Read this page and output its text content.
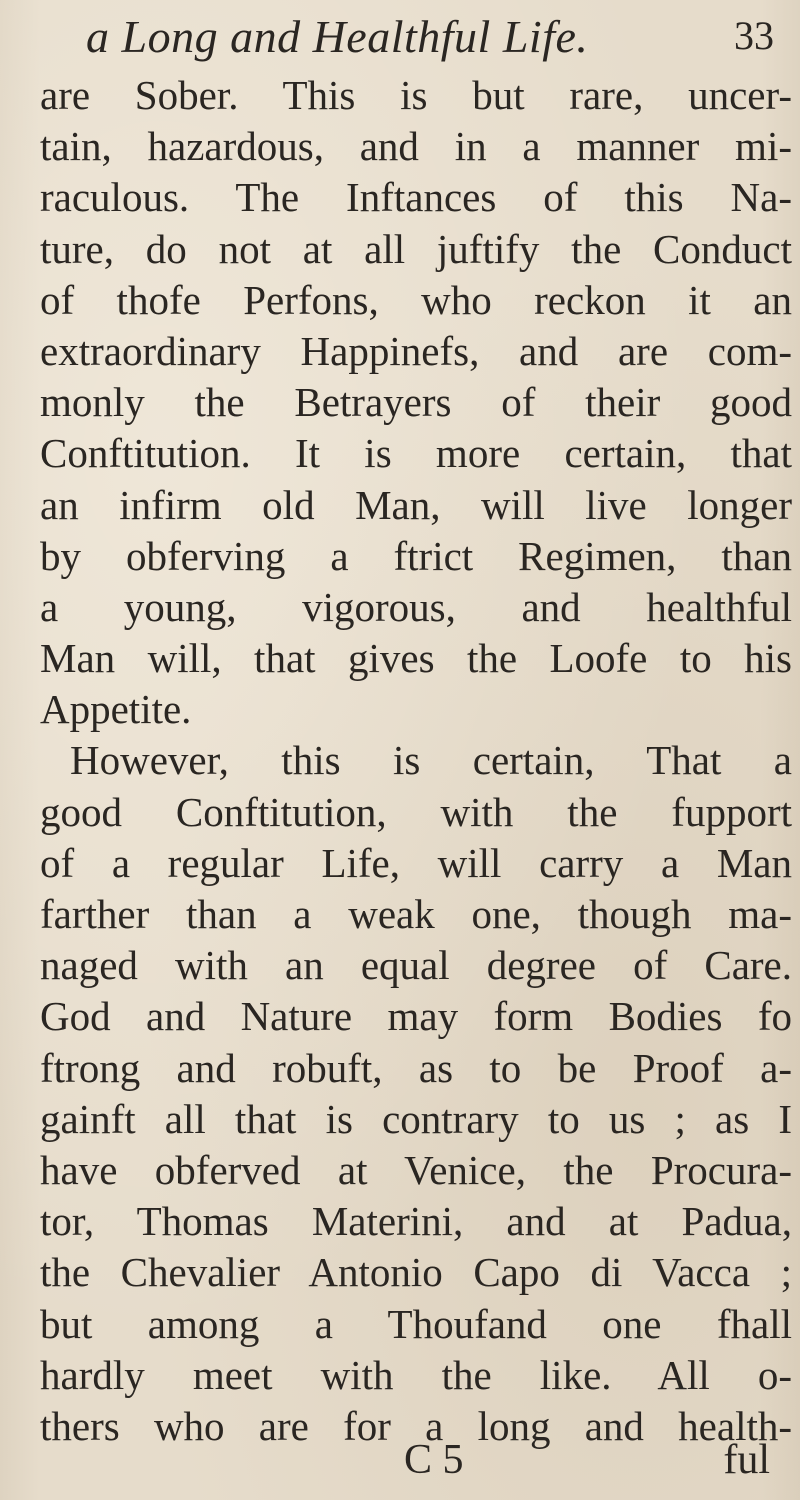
a Long and Healthful Life.	33
are Sober. This is but rare, uncer-
tain, hazardous, and in a manner mi-
raculous. The Inftances of this Na-
ture, do not at all juftify the Conduct
of thofe Perfons, who reckon it an
extraordinary Happinefs, and are com-
monly the Betrayers of their good
Conftitution. It is more certain, that
an infirm old Man, will live longer
by obferving a ftrict Regimen, than
a young, vigorous, and healthful
Man will, that gives the Loofe to his
Appetite.
However, this is certain, That a
good Conftitution, with the fupport
of a regular Life, will carry a Man
farther than a weak one, though ma-
naged with an equal degree of Care.
God and Nature may form Bodies fo
ftrong and robuft, as to be Proof a-
gainft all that is contrary to us ; as I
have obferved at Venice, the Procura-
tor, Thomas Materini, and at Padua,
the Chevalier Antonio Capo di Vacca ;
but among a Thoufand one fhall
hardly meet with the like. All o-
thers who are for a long and health-
C 5	ful
